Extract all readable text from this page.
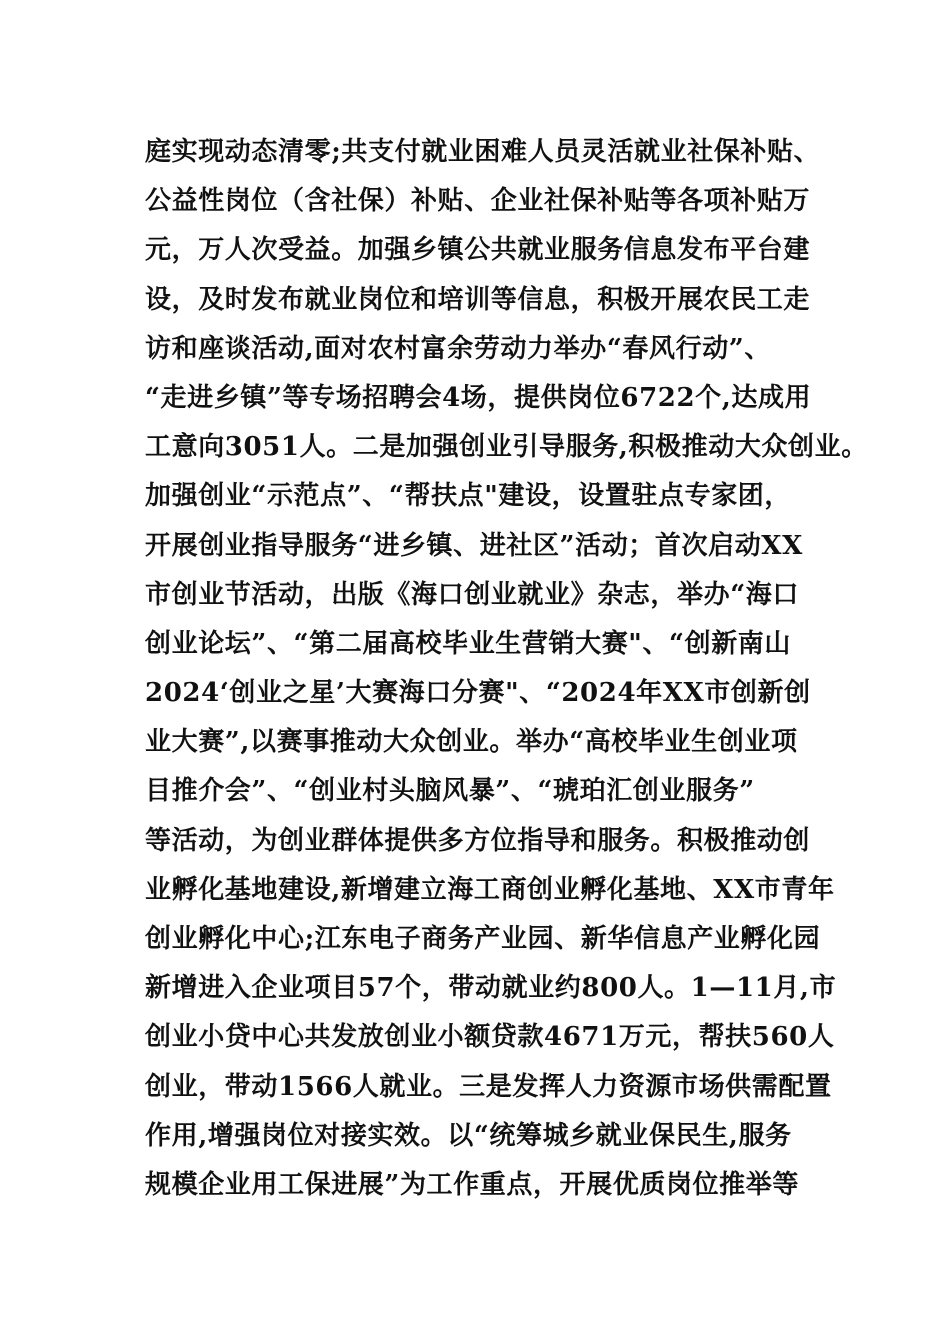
庭实现动态清零;共支付就业困难人员灵活就业社保补贴、
公益性岗位（含社保）补贴、企业社保补贴等各项补贴万
元，万人次受益。加强乡镇公共就业服务信息发布平台建
设，及时发布就业岗位和培训等信息，积极开展农民工走
访和座谈活动,面对农村富余劳动力举办“春风行动”、
“走进乡镇”等专场招聘会4场，提供岗位6722个,达成用
工意向3051人。二是加强创业引导服务,积极推动大众创业。
加强创业“示范点”、“帮扶点"建设，设置驻点专家团，
开展创业指导服务“进乡镇、进社区”活动；首次启动XX
市创业节活动，出版《海口创业就业》杂志，举办“海口
创业论坛”、“第二届高校毕业生营销大赛"、“创新南山
2024‘创业之星’大赛海口分赛"、“2024年XX市创新创
业大赛”,以赛事推动大众创业。举办“高校毕业生创业项
目推介会”、“创业村头脑风暴”、“琥珀汇创业服务”
等活动，为创业群体提供多方位指导和服务。积极推动创
业孵化基地建设,新增建立海工商创业孵化基地、XX市青年
创业孵化中心;江东电子商务产业园、新华信息产业孵化园
新增进入企业项目57个，带动就业约800人。1—11月,市
创业小贷中心共发放创业小额贷款4671万元，帮扶560人
创业，带动1566人就业。三是发挥人力资源市场供需配置
作用,增强岗位对接实效。以“统筹城乡就业保民生,服务
规模企业用工保进展”为工作重点，开展优质岗位推举等
